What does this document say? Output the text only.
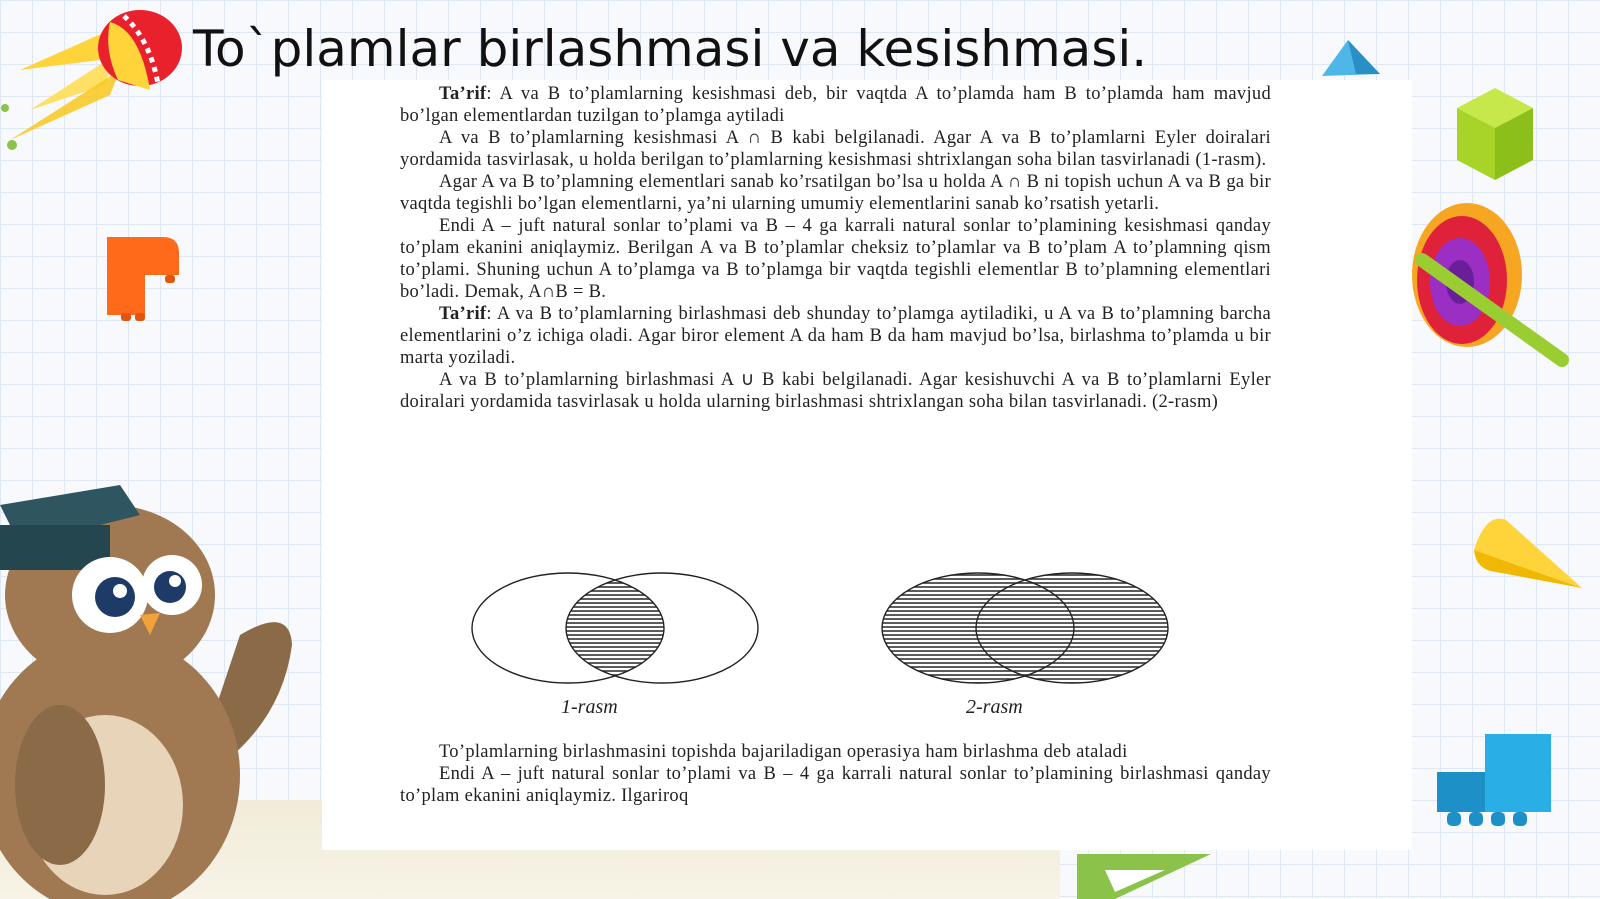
To`plamlar birlashmasi va kesishmasi.

Ta’rif: A va B to’plamlarning kesishmasi deb, bir vaqtda A to’plamda ham B to’plamda ham mavjud bo’lgan elementlardan tuzilgan to’plamga aytiladi

A va B to’plamlarning kesishmasi A ∩ B kabi belgilanadi. Agar A va B to’plamlarni Eyler doiralari yordamida tasvirlasak, u holda berilgan to’plamlarning kesishmasi shtrixlangan soha bilan tasvirlanadi (1-rasm).

Agar A va B to’plamning elementlari sanab ko’rsatilgan bo’lsa u holda A ∩ B ni topish uchun A va B ga bir vaqtda tegishli bo’lgan elementlarni, ya’ni ularning umumiy elementlarini sanab ko’rsatish yetarli.

Endi A – juft natural sonlar to’plami va B – 4 ga karrali natural sonlar to’plamining kesishmasi qanday to’plam ekanini aniqlaymiz. Berilgan A va B to’plamlar cheksiz to’plamlar va B to’plam A to’plamning qism to’plami. Shuning uchun A to’plamga va B to’plamga bir vaqtda tegishli elementlar B to’plamning elementlari bo’ladi. Demak, A∩B = B.

Ta’rif: A va B to’plamlarning birlashmasi deb shunday to’plamga aytiladiki, u A va B to’plamning barcha elementlarini o’z ichiga oladi. Agar biror element A da ham B da ham mavjud bo’lsa, birlashma to’plamda u bir marta yoziladi.

A va B to’plamlarning birlashmasi A ∪ B kabi belgilanadi. Agar kesishuvchi A va B to’plamlarni Eyler doiralari yordamida tasvirlasak u holda ularning birlashmasi shtrixlangan soha bilan tasvirlanadi. (2-rasm)

1-rasm	2-rasm

To’plamlarning birlashmasini topishda bajariladigan operasiya ham birlashma deb ataladi

Endi A – juft natural sonlar to’plami va B – 4 ga karrali natural sonlar to’plamining birlashmasi qanday to’plam ekanini aniqlaymiz. Ilgariroq
